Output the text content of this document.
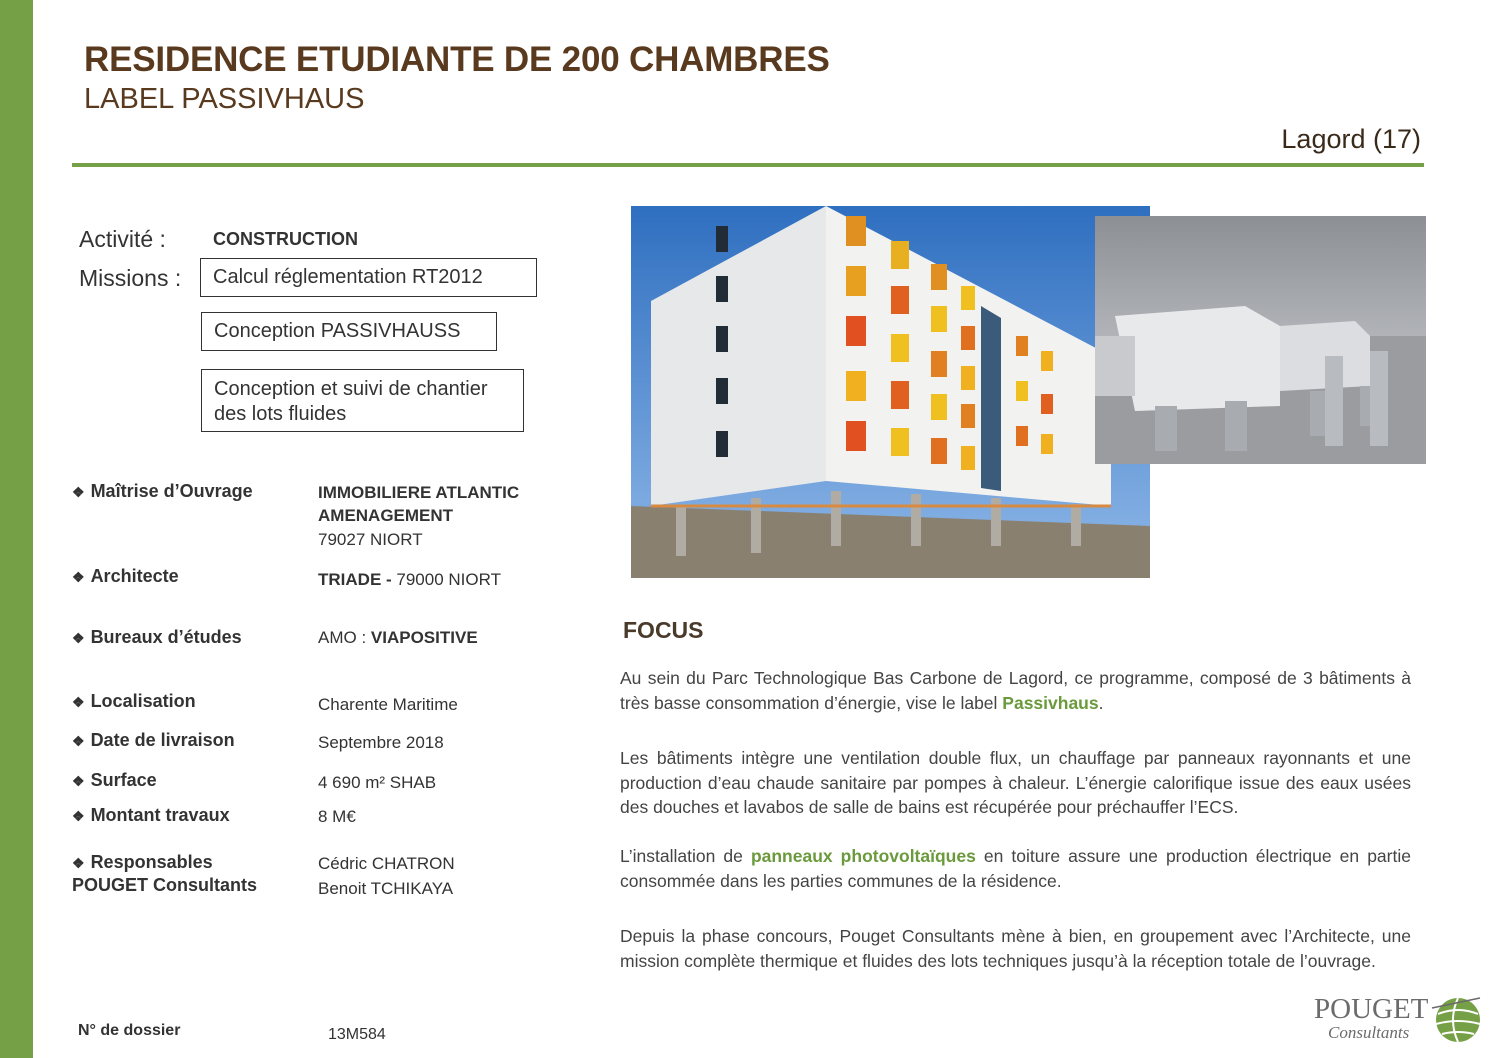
RESIDENCE ETUDIANTE DE 200 CHAMBRES
LABEL PASSIVHAUS
Lagord (17)
Activité :	CONSTRUCTION
Missions :	Calcul réglementation RT2012
Conception PASSIVHAUSS
Conception et suivi de chantier
des lots fluides
❖ Maîtrise d’Ouvrage	IMMOBILIERE ATLANTIC
AMENAGEMENT
79027 NIORT
❖ Architecte	TRIADE - 79000 NIORT
❖ Bureaux d’études	AMO : VIAPOSITIVE
❖ Localisation	Charente Maritime
❖ Date de livraison	Septembre 2018
❖ Surface	4 690 m² SHAB
❖ Montant travaux	8 M€
❖ Responsables
POUGET Consultants
Cédric CHATRON
Benoit TCHIKAYA
FOCUS
Au sein du Parc Technologique Bas Carbone de Lagord, ce programme, composé de 3 bâtiments à très basse consommation d’énergie, vise le label Passivhaus.
Les bâtiments intègre une ventilation double flux, un chauffage par panneaux rayonnants et une production d’eau chaude sanitaire par pompes à chaleur. L’énergie calorifique issue des eaux usées des douches et lavabos de salle de bains est récupérée pour préchauffer l’ECS.
L’installation de panneaux photovoltaïques en toiture assure une production électrique en partie consommée dans les parties communes de la résidence.
Depuis la phase concours, Pouget Consultants mène à bien, en groupement avec l’Architecte, une mission complète thermique et fluides des lots techniques jusqu’à la réception totale de l’ouvrage.
N° de dossier	13M584
POUGET
Consultants
